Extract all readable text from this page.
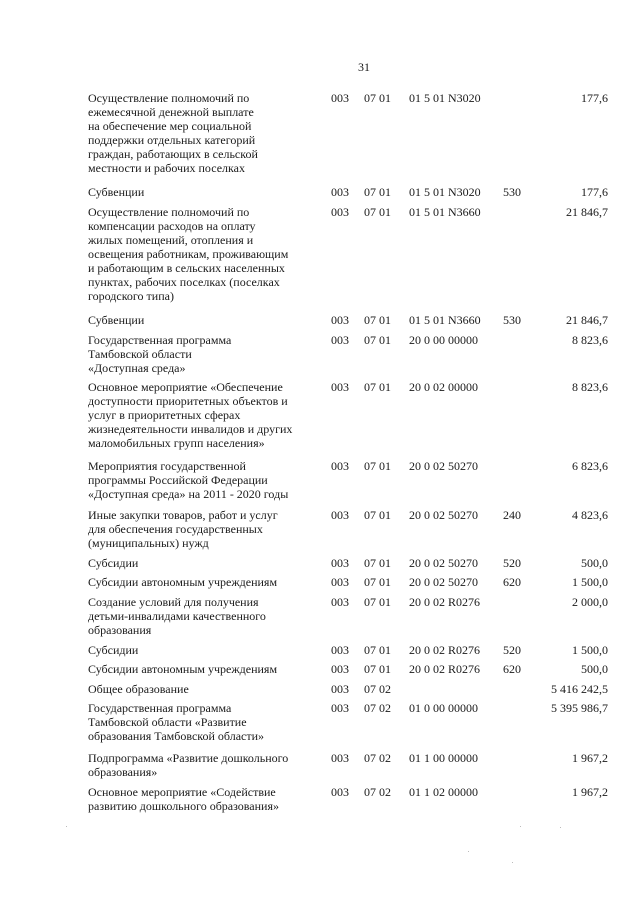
31
Осуществление полномочий по
ежемесячной денежной выплате
на обеспечение мер социальной
поддержки отдельных категорий
граждан, работающих в сельской
местности и рабочих поселках
003 07 01 01 5 01 N3020	177,6
Субвенции	003 07 01 01 5 01 N3020 530	177,6
Осуществление полномочий по
компенсации расходов на оплату
жилых помещений, отопления и
освещения работникам, проживающим
и работающим в сельских населенных
пунктах, рабочих поселках (поселках
городского типа)
003 07 01 01 5 01 N3660	21 846,7
Субвенции	003 07 01 01 5 01 N3660 530	21 846,7
Государственная программа
Тамбовской области
«Доступная среда»
003 07 01 20 0 00 00000	8 823,6
Основное мероприятие «Обеспечение
доступности приоритетных объектов и
услуг в приоритетных сферах
жизнедеятельности инвалидов и других
маломобильных групп населения»
003 07 01 20 0 02 00000	8 823,6
Мероприятия государственной
программы Российской Федерации
«Доступная среда» на 2011 - 2020 годы
003 07 01 20 0 02 50270	6 823,6
Иные закупки товаров, работ и услуг
для обеспечения государственных
(муниципальных) нужд
003 07 01 20 0 02 50270 240	4 823,6
Субсидии	003 07 01 20 0 02 50270 520	500,0
Субсидии автономным учреждениям	003 07 01 20 0 02 50270 620	1 500,0
Создание условий для получения
детьми-инвалидами качественного
образования
003 07 01 20 0 02 R0276	2 000,0
Субсидии	003 07 01 20 0 02 R0276 520	1 500,0
Субсидии автономным учреждениям	003 07 01 20 0 02 R0276 620	500,0
Общее образование	003 07 02	5 416 242,5
Государственная программа
Тамбовской области «Развитие
образования Тамбовской области»
003 07 02 01 0 00 00000	5 395 986,7
Подпрограмма «Развитие дошкольного
образования»
003 07 02 01 1 00 00000	1 967,2
Основное мероприятие «Содействие
развитию дошкольного образования»
003 07 02 01 1 02 00000	1 967,2
